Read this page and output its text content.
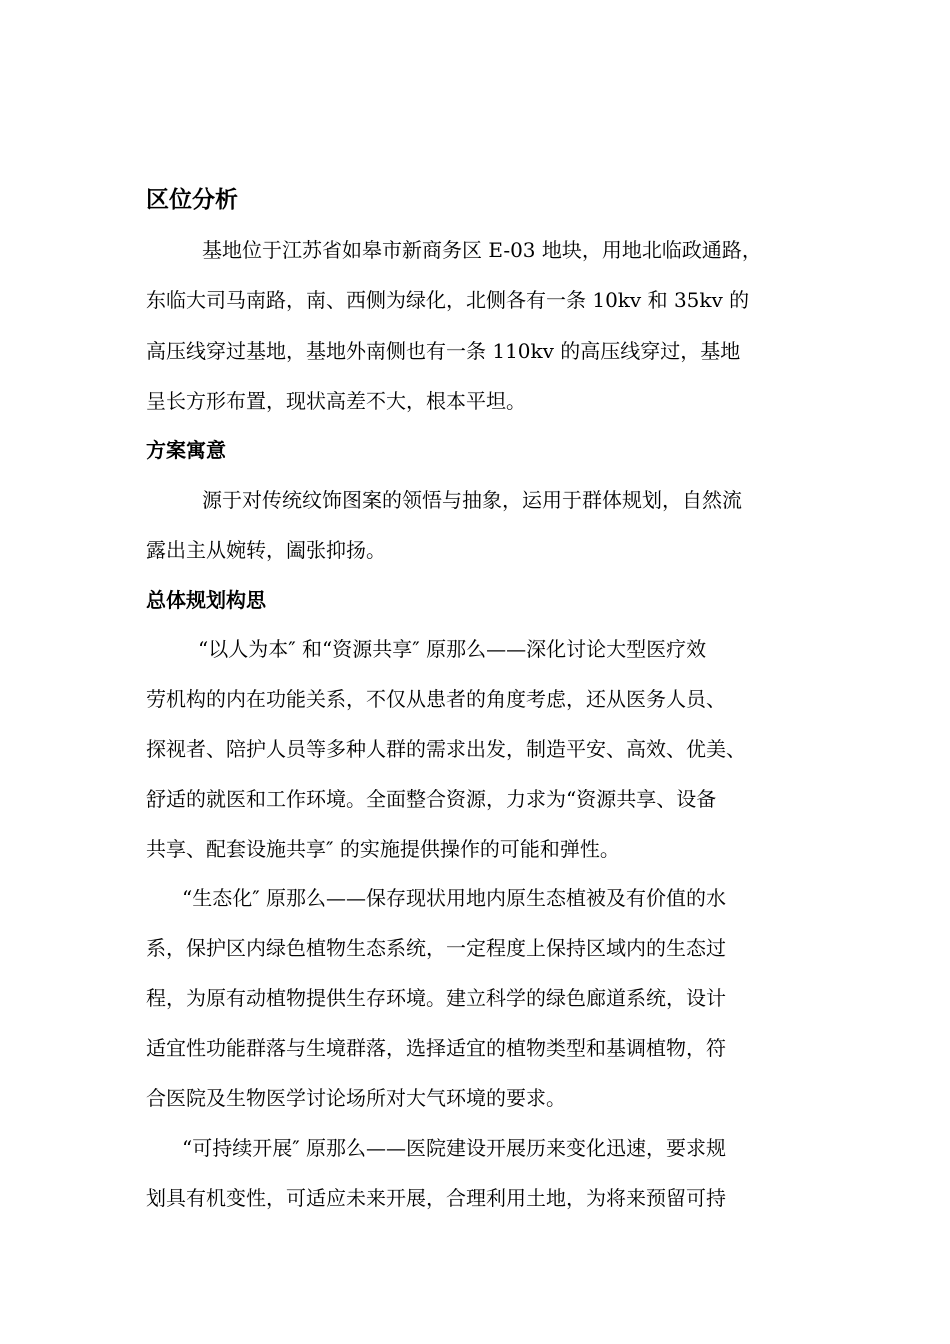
区位分析

基地位于江苏省如皋市新商务区 E-03 地块，用地北临政通路，

东临大司马南路，南、西侧为绿化，北侧各有一条 10kv 和 35kv 的

高压线穿过基地，基地外南侧也有一条 110kv 的高压线穿过，基地

呈长方形布置，现状高差不大，根本平坦。

方案寓意

源于对传统纹饰图案的领悟与抽象，运用于群体规划，自然流

露出主从婉转，阖张抑扬。

总体规划构思

“以人为本″ 和“资源共享″ 原那么——深化讨论大型医疗效

劳机构的内在功能关系，不仅从患者的角度考虑，还从医务人员、

探视者、陪护人员等多种人群的需求出发，制造平安、高效、优美、

舒适的就医和工作环境。全面整合资源，力求为“资源共享、设备

共享、配套设施共享″ 的实施提供操作的可能和弹性。

“生态化″ 原那么——保存现状用地内原生态植被及有价值的水

系，保护区内绿色植物生态系统，一定程度上保持区域内的生态过

程，为原有动植物提供生存环境。建立科学的绿色廊道系统，设计

适宜性功能群落与生境群落，选择适宜的植物类型和基调植物，符

合医院及生物医学讨论场所对大气环境的要求。

“可持续开展″ 原那么——医院建设开展历来变化迅速，要求规

划具有机变性，可适应未来开展，合理利用土地，为将来预留可持
